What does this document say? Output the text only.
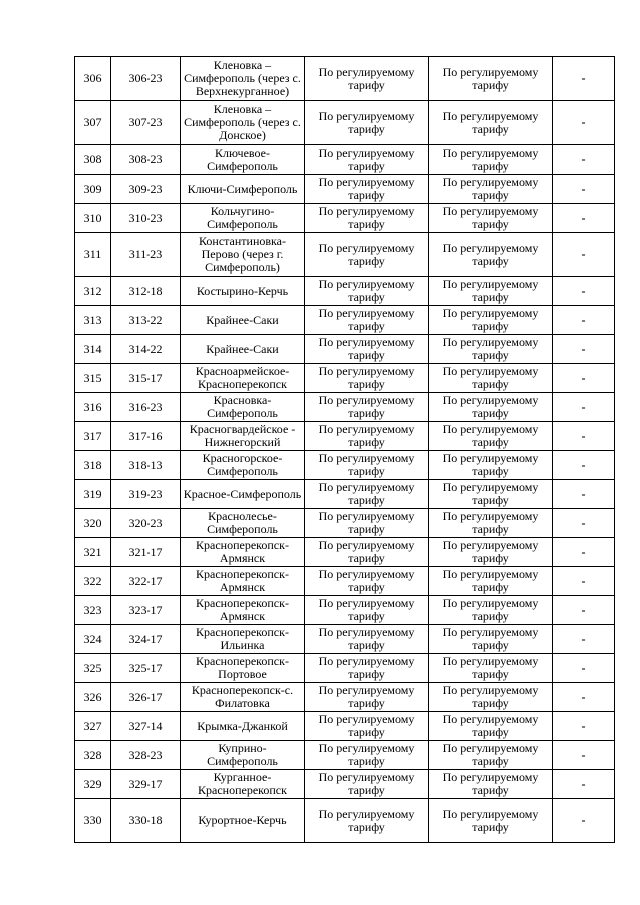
306	306-23	Кленовка – Симферополь (через с. Верхнекурганное)	По регулируемому тарифу	По регулируемому тарифу	-
307	307-23	Кленовка – Симферополь (через с. Донское)	По регулируемому тарифу	По регулируемому тарифу	-
308	308-23	Ключевое-Симферополь	По регулируемому тарифу	По регулируемому тарифу	-
309	309-23	Ключи-Симферополь	По регулируемому тарифу	По регулируемому тарифу	-
310	310-23	Кольчугино-Симферополь	По регулируемому тарифу	По регулируемому тарифу	-
311	311-23	Константиновка-Перово (через г. Симферополь)	По регулируемому тарифу	По регулируемому тарифу	-
312	312-18	Костырино-Керчь	По регулируемому тарифу	По регулируемому тарифу	-
313	313-22	Крайнее-Саки	По регулируемому тарифу	По регулируемому тарифу	-
314	314-22	Крайнее-Саки	По регулируемому тарифу	По регулируемому тарифу	-
315	315-17	Красноармейское-Красноперекопск	По регулируемому тарифу	По регулируемому тарифу	-
316	316-23	Красновка-Симферополь	По регулируемому тарифу	По регулируемому тарифу	-
317	317-16	Красногвардейское - Нижнегорский	По регулируемому тарифу	По регулируемому тарифу	-
318	318-13	Красногорское-Симферополь	По регулируемому тарифу	По регулируемому тарифу	-
319	319-23	Красное-Симферополь	По регулируемому тарифу	По регулируемому тарифу	-
320	320-23	Краснолесье-Симферополь	По регулируемому тарифу	По регулируемому тарифу	-
321	321-17	Красноперекопск-Армянск	По регулируемому тарифу	По регулируемому тарифу	-
322	322-17	Красноперекопск-Армянск	По регулируемому тарифу	По регулируемому тарифу	-
323	323-17	Красноперекопск-Армянск	По регулируемому тарифу	По регулируемому тарифу	-
324	324-17	Красноперекопск-Ильинка	По регулируемому тарифу	По регулируемому тарифу	-
325	325-17	Красноперекопск-Портовое	По регулируемому тарифу	По регулируемому тарифу	-
326	326-17	Красноперекопск-с. Филатовка	По регулируемому тарифу	По регулируемому тарифу	-
327	327-14	Крымка-Джанкой	По регулируемому тарифу	По регулируемому тарифу	-
328	328-23	Куприно-Симферополь	По регулируемому тарифу	По регулируемому тарифу	-
329	329-17	Курганное-Красноперекопск	По регулируемому тарифу	По регулируемому тарифу	-
330	330-18	Курортное-Керчь	По регулируемому тарифу	По регулируемому тарифу	-
